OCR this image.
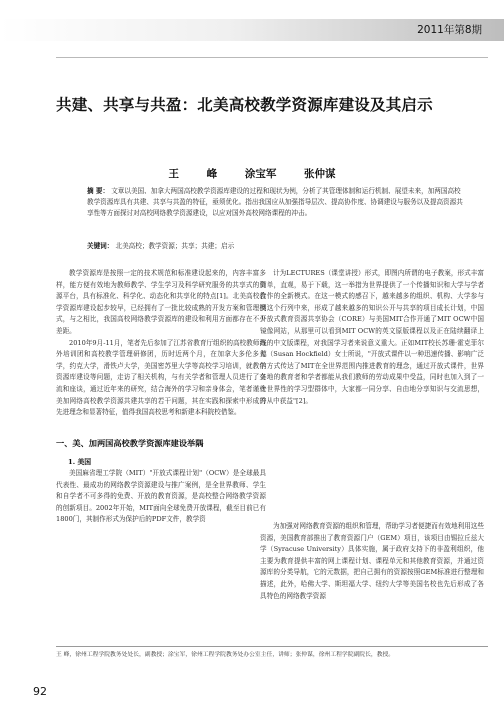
2011年第8期
共建、共享与共盈：北美高校教学资源库建设及其启示
王 峰 涂宝军 张仲谋
摘 要： 文章以美国、加拿大两国高校教学资源库建设的过程和现状为例，分析了其管理体制和运行机制、展望未来，加两国高校教学资源库具有共建、共享与共盈的特征，亟须优化。指出我国应从加强指导层次、提高协作度、协调建设与服务以及提高资源共享性等方面探讨对高校网络教学资源建设，以应对国外高校网络课程的冲击。
关键词： 北美高校；教学资源；共享；共建；启示

教学资源库是按照一定的技术规范和标准建设起来的，内容丰富多样，能方便有效地为教师教学、学生学习及科学研究服务的共享式的资源平台，具有标准化、科学化、动态化和共享化的特点[1]。北美高校教学资源库建设起步较早，已经拥有了一批比较成熟的开发方案和管理模式，与之相比，我国高校网络教学资源库的建设和利用方面都存在不少差距。

2010年9月-11月，笔者先后参加了江苏省教育厅组织的高校教师海外培训团和高校教学管理研修团，历时近两个月，在加拿大多伦多大学，约克大学，滑铁卢大学，美国密苏里大学等高校学习培训，就教学资源库建设等问题，走访了相关机构，与有关学者和管理人员进行了交流和座谈，通过近年来的研究，结合海外的学习和亲身体会，笔者谨就美加网络高校教学资源共建共享的若干问题，其在实践和探索中形成的先进理念和显著特征，值得我国高校思考和新建本科院校借鉴。

一、美、加两国高校教学资源库建设举隅
1. 美国

美国麻省理工学院（MIT）"开放式课程计划"（OCW）是全球最具代表性、最成功的网络教学资源建设与推广案例，是全世界教师、学生和自学者不可多得的免费、开放的教育资源，是高校整合网络教学资源的创新项目。2002年开始，MIT面向全球免费开放课程，截至目前已有1800门，其制作形式为保护后的PDF文件，教学资

计为LECTURES（课堂讲授）形式，即图内所谓的电子教案，形式丰富简单，直观，易于下载，这一举措为世界提供了一个传播知识和大学与学者合作的全新模式。在这一模式的感召下，越来越多的组织、机构、大学参与到这个行列中来，形成了越来越多的知识公开与共享的项目成长计划，中国开放式教育资源共享协会（CORE）与美国MIT合作开通了MIT OCW中国镜像网站，从那里可以看到MIT OCW的英文原版课程以及正在陆续翻译上线的中文版课程，对我国学习者来说意义重大。正如MIT校长苏珊·霍克菲尔德（Susan Hockfield）女士所说，"开放式课件以一种迅速传播、影响广泛的方式传达了MIT在全世界范围内推进教育的理念，通过开放式课件，世界各地的教育者和学者都能从我们教师的劳动成果中受益，同时也加入到了一个世界性的学习型群体中，大家都一同分享、自由地分享知识与交流思想，并从中获益"[2]。

为加强对网络教育资源的组织和管理，帮助学习者便捷而有效地利用这些资源，美国教育部推出了教育资源门户（GEM）项目，该项目由锡拉丘兹大学（Syracuse University）具体实施，属于政府支持下的非盈利组织，他主要为教育提供丰富的网上课程计划、课程单元和其他教育资源，并通过资源库的分类导航，它的元数据，把自己拥有的资源按照GEM标准进行整理和描述，此外，哈佛大学、斯坦福大学、纽约大学等美国名校也先后形成了各具特色的网络教学资源

王 峰，徐州工程学院教务处处长，副教授；涂宝军，徐州工程学院教务处办公室主任，讲师；张仲谋，徐州工程学院副院长，教授。
92
